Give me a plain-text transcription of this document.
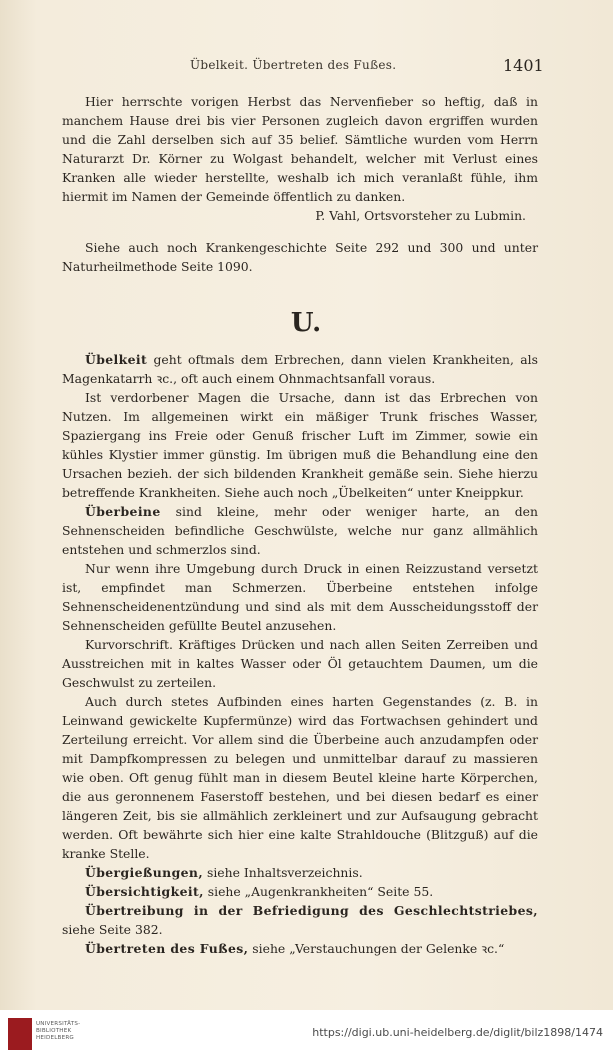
Übelkeit. Übertreten des Fußes.	1401

Hier herrschte vorigen Herbst das Nervenfieber so heftig, daß in manchem Hause drei bis vier Personen zugleich davon ergriffen wurden und die Zahl derselben sich auf 35 belief. Sämtliche wurden vom Herrn Naturarzt Dr. Körner zu Wolgast behandelt, welcher mit Verlust eines Kranken alle wieder herstellte, weshalb ich mich veranlaßt fühle, ihm hiermit im Namen der Gemeinde öffentlich zu danken.

P. Vahl, Ortsvorsteher zu Lubmin.

Siehe auch noch Krankengeschichte Seite 292 und 300 und unter Naturheilmethode Seite 1090.

U.

Übelkeit geht oftmals dem Erbrechen, dann vielen Krankheiten, als Magenkatarrh ꝛc., oft auch einem Ohnmachtsanfall voraus.

Ist verdorbener Magen die Ursache, dann ist das Erbrechen von Nutzen. Im allgemeinen wirkt ein mäßiger Trunk frisches Wasser, Spaziergang ins Freie oder Genuß frischer Luft im Zimmer, sowie ein kühles Klystier immer günstig. Im übrigen muß die Behandlung eine den Ursachen bezieh. der sich bildenden Krankheit gemäße sein. Siehe hierzu betreffende Krankheiten. Siehe auch noch „Übelkeiten“ unter Kneippkur.

Überbeine sind kleine, mehr oder weniger harte, an den Sehnenscheiden befindliche Geschwülste, welche nur ganz allmählich entstehen und schmerzlos sind.

Nur wenn ihre Umgebung durch Druck in einen Reizzustand versetzt ist, empfindet man Schmerzen. Überbeine entstehen infolge Sehnenscheidenentzündung und sind als mit dem Ausscheidungsstoff der Sehnenscheiden gefüllte Beutel anzusehen.

Kurvorschrift. Kräftiges Drücken und nach allen Seiten Zerreiben und Ausstreichen mit in kaltes Wasser oder Öl getauchtem Daumen, um die Geschwulst zu zerteilen.

Auch durch stetes Aufbinden eines harten Gegenstandes (z. B. in Leinwand gewickelte Kupfermünze) wird das Fortwachsen gehindert und Zerteilung erreicht. Vor allem sind die Überbeine auch anzudampfen oder mit Dampfkompressen zu belegen und unmittelbar darauf zu massieren wie oben. Oft genug fühlt man in diesem Beutel kleine harte Körperchen, die aus geronnenem Faserstoff bestehen, und bei diesen bedarf es einer längeren Zeit, bis sie allmählich zerkleinert und zur Aufsaugung gebracht werden. Oft bewährte sich hier eine kalte Strahldouche (Blitzguß) auf die kranke Stelle.

Übergießungen, siehe Inhaltsverzeichnis.

Übersichtigkeit, siehe „Augenkrankheiten“ Seite 55.

Übertreibung in der Befriedigung des Geschlechtstriebes, siehe Seite 382.

Übertreten des Fußes, siehe „Verstauchungen der Gelenke ꝛc.“

UNIVERSITÄTS-
BIBLIOTHEK
HEIDELBERG	https://digi.ub.uni-heidelberg.de/diglit/bilz1898/1474
